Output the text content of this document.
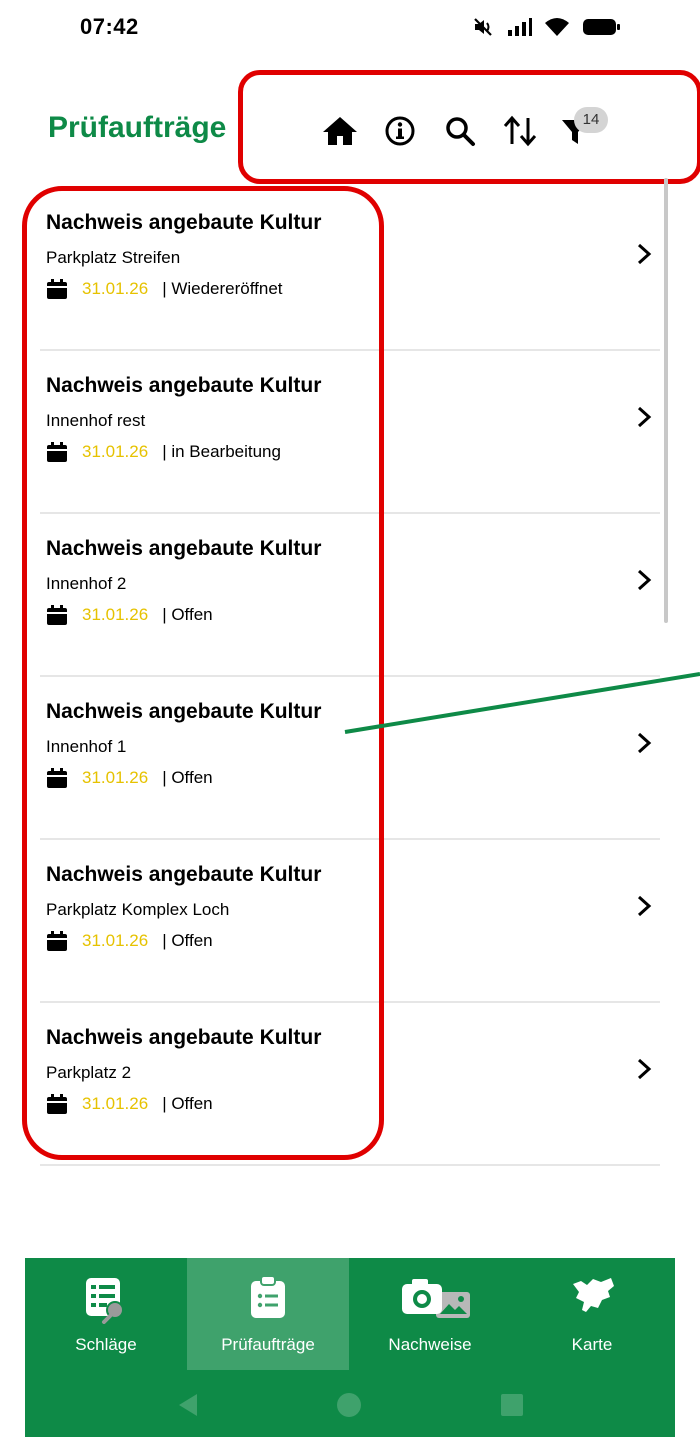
07:42
Prüfaufträge	14
Nachweis angebaute Kultur
Parkplatz Streifen
31.01.26 | Wiedereröffnet
Nachweis angebaute Kultur
Innenhof rest
31.01.26 | in Bearbeitung
Nachweis angebaute Kultur
Innenhof 2
31.01.26 | Offen
Nachweis angebaute Kultur
Innenhof 1
31.01.26 | Offen
Nachweis angebaute Kultur
Parkplatz Komplex Loch
31.01.26 | Offen
Nachweis angebaute Kultur
Parkplatz 2
31.01.26 | Offen
Schläge	Prüfaufträge	Nachweise	Karte
